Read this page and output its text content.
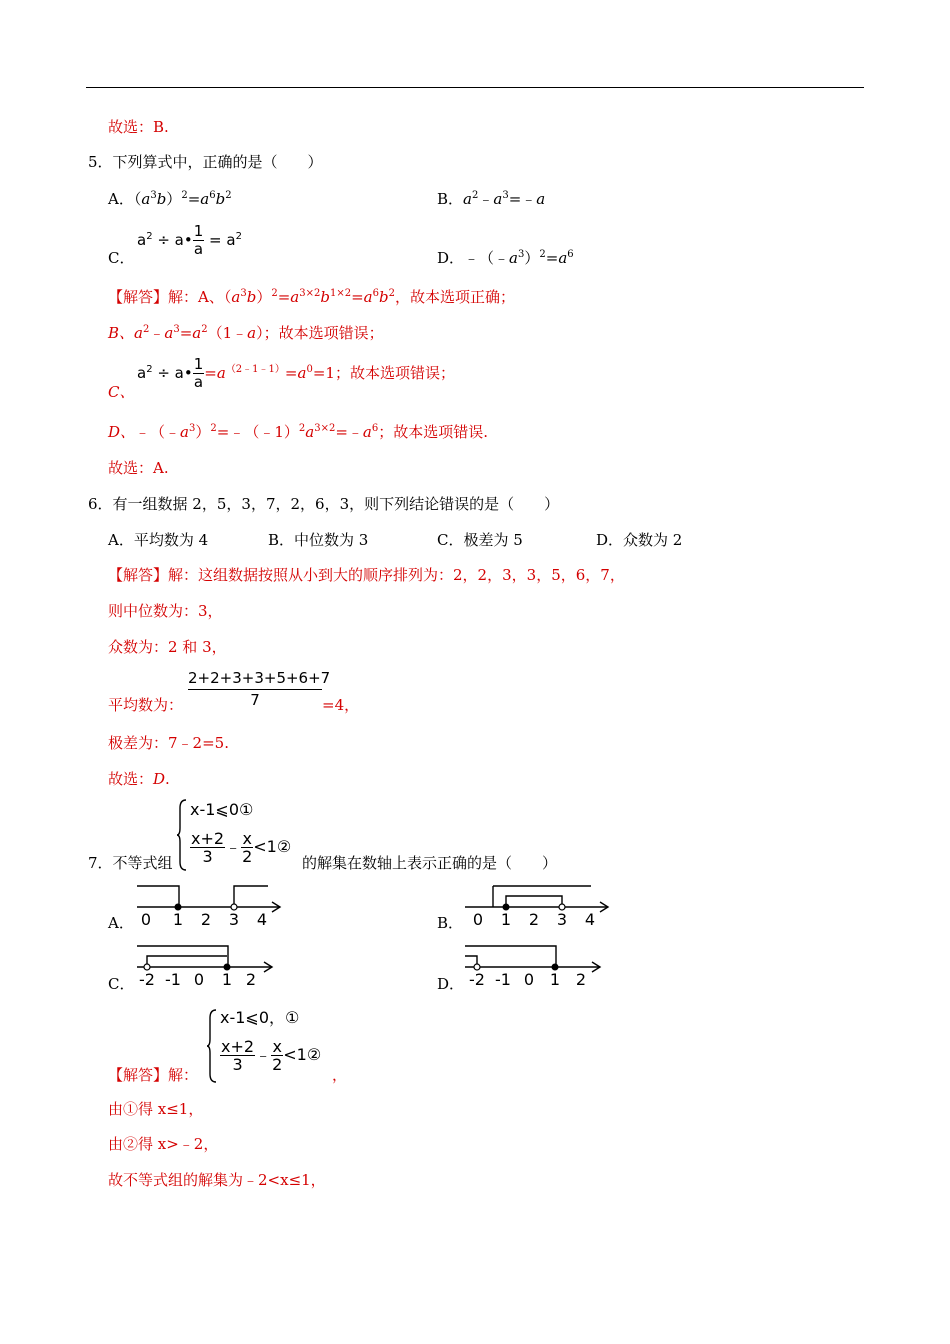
故选：B.
5．下列算式中，正确的是（　　）
A．$(a^3b)^2=a^6b^2$	B．$a^2﹣a^3=﹣a$
C．
$a^2$ ÷ a• $\frac{1}{a} = a^2$
D．$﹣(﹣a^3)^2=a^6$
【解答】解：A、$(a^3b)^2=a^{3\times 2}b^{1\times 2}=a^6b^2$，故本选项正确；
B、$a^2﹣a^3=a^2(1﹣a)$；故本选项错误；
C、
$a^2$ ÷ a• $\frac{1}{a} =a^{(2﹣1﹣1)}=a^0=1$；故本选项错误；
D、$﹣(﹣a^3)^2=﹣(﹣1)^2a^{3\times 2}=﹣a^6$；故本选项错误.
故选：A.
6．有一组数据 2，5，3，7，2，6，3，则下列结论错误的是（　　）
A．平均数为 4	B．中位数为 3	C．极差为 5	D．众数为 2
【解答】解：这组数据按照从小到大的顺序排列为：2，2，3，3，5，6，7，
则中位数为：3，
众数为：2 和 3，
平均数为： $\frac{2+2+3+3+5+6+7}{7} =4$，
极差为：7﹣2=5.
故选：D.
7．不等式组
x-1⩽0①
$\frac{x+2}{3}$ ﹣ $\frac{x}{2}$ <1②
的解集在数轴上表示正确的是（　　）
A． 0 1 2 3 4	B． 0 1 2 3 4
C． -2 -1 0 1 2	D． -2 -1 0 1 2
【解答】解：
x-1⩽0，①
$\frac{x+2}{3}$ ﹣ $\frac{x}{2}$ <1②
，
由①得 x≤1，
由②得 x>﹣2，
故不等式组的解集为﹣2<x≤1，
